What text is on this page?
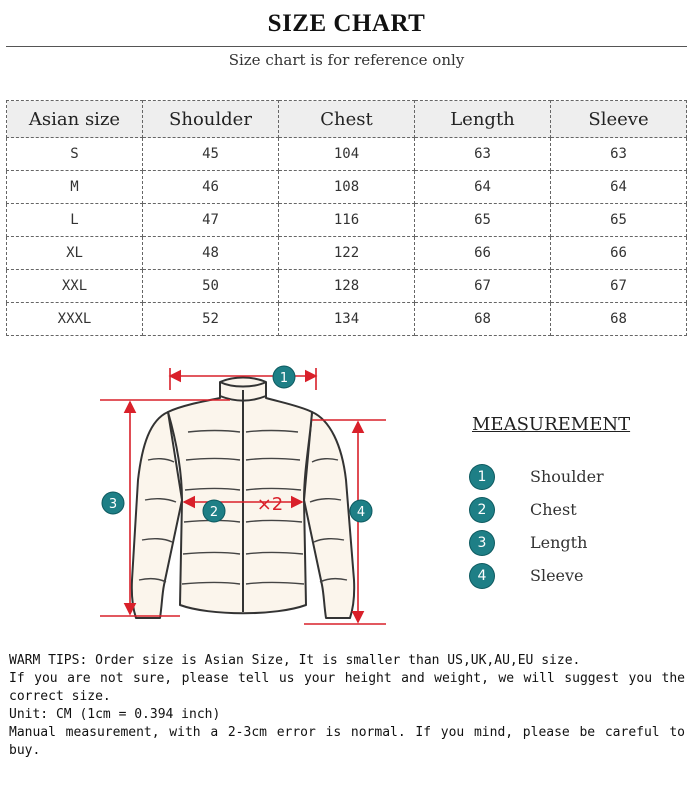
SIZE CHART
Size chart is for reference only
Asian size	Shoulder	Chest	Length	Sleeve
S	45	104	63	63
M	46	108	64	64
L	47	116	65	65
XL	48	122	66	66
XXL	50	128	67	67
XXXL	52	134	68	68
1
2
3
4
×2
MEASUREMENT
1	Shoulder
2	Chest
3	Length
4	Sleeve

WARM TIPS: Order size is Asian Size, It is smaller than US,UK,AU,EU size.

If you are not sure, please tell us your height and weight, we will suggest you the correct size.

Unit: CM (1cm = 0.394 inch)

Manual measurement, with a 2-3cm error is normal. If you mind, please be careful to buy.
